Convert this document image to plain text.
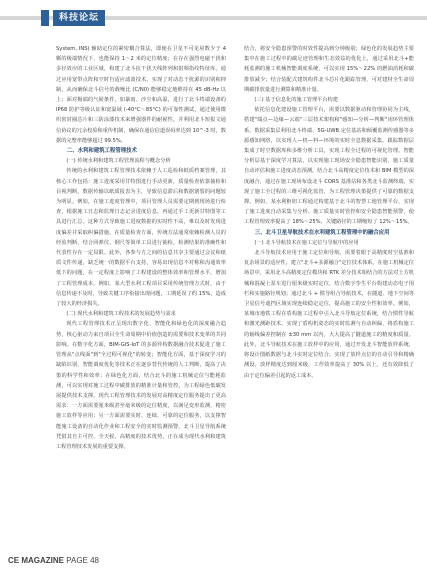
科技论坛

System, INS) 辅助定位的紧密耦合算法，即使在卫星不可见屋数少于 4 颗的极端情况下，也能保持 1～2 米的定位精度；在存在强烈电磁干扰和多径效应的工业区域，构建了北斗抗干扰天线阵列和射频指纹特征库。通过应用宽带点阵和空时自适应滤波技术，实现了对动态干扰源的识别和抑制，从而确保北斗信号的载噪比 (C/N0) 能够稳定地维持在 45 dB-Hz 以上；面对极端的气候条件，如暴雨、沙尘和高温，进行了北斗终端设备的 IP68 防护等级认证和宽温域 (-40°C～85°C) 的可靠性测试，通过使用微织密封圈芯片和三防涂漆技术来增强器件的耐候性，并利用北斗短报文通信协议的冗余校验和重传机制，确保在通信信道误码率达到 10^-3 时，数据的完整率能够超过 99.5%。

二、水利和建筑工程管理技术

(一) 传统水利和建筑工程管理流程与概念分析

传统的水利和建筑工程管理技术依赖于人工巡检和纸质档案管理，其核心工作包括：施工进度采用甘特图进行手动更新，质量检查依靠抽检和目视判断，数据传输以纸质报表为主，导致信息滞后和数据割裂的问题较为明显。例如，在施工进度管理中，项目管理人员需要定期到现场进行检查，根据施工日志和监理日志记录进度信息，再通过手工更新甘特图等工具进行汇总。这种方式导致施工进度数据的实时性不高，难以及时发现进度偏差并采取纠偏措施。在质量检查方面，传统方法通常依赖检测人员的经验判断，结合回弹仪、钢尺等简单工具进行抽检，检测结果的准确性和代表性存在一定局限。此外，各参与方之间的信息共享主要通过会议和纸质文件传递，缺乏统一的数据平台支持，容易出现信息不对称和沟通效率低下的问题，在一定程度上影响了工程建设的整体效率和管理水平，增加了工程管理成本。例如，某大型水利工程项目采用传统管理方式时，由于信息传递不及时，导致关键工序衔接出现问题，工期延误了约 15%，造成了较大的经济损失。

(二) 现代水利和建筑工程技术的发展趋势与需求

现代工程管理技术正呈现出数字化、智能化和绿色化的深度融合趋势，核心驱动力来自项目全生命周期中价值创造的需要和技术变革的共同影响。在数字化方面，BIM-GIS-IoT 的多源异构数据融合技术促进了施工管理从"点线面"到"全过程可视化"的转变；智能化方面，基于深度学习的缺陷识别、智能调度优化等技术正在逐步替代传统的人工判断，提高了决策的科学性和效率；在绿色化方面，结合北斗的施工机械定位与能耗监测，可以实现对施工过程中碳排放的精准计量和管控，为工程绿色低碳发展提供技术支撑。现代工程管理技术的发展对高精度定位服务提出了更高需求：一方面需要厘米级甚至毫米级的定位精度，以满足变形监测、精密施工放样等应用；另一方面需要实时、连续、可靠的定位服务，以支撑智能施工设备的自动化作业和工程安全的实时监测预警。北斗卫星导航系统凭借其自主可控、全天候、高精度的技术优势，正在成为现代水利和建筑工程管理技术发展的重要支撑。

结合，将安全隐患预警的时效性提高到分钟级别；绿色化的发展趋势主要集中在施工过程中的碳足迹管理和生态效益的优化上，通过采用北斗+能耗监测的施工机械智能调度系统，可以实现 15%～22% 的燃油消耗和碳排放减少；结合装配式建筑构件北斗芯片化跟踪管理，可对建材全生命周期碳排放量进行测算和精准计量。

(三) 基于信息化的施工管理平台构建

依托信息化建设施工管理平台，需要以数据驱动和管理协同为主线，搭建"端点—边缘—云端"三层技术架构和"感知—分析—判断"闭环管理体系。数据采集层利用北斗终端、5G-UWB 定位基站和倾覆监测传感器等多源感知网络，以实现人—机—料—环境的实时全息数据采集。跟踪数据层集成了时空数据库和多维分析工具，实现工程全过程的可视化管理。智能分析层基于深度学习算法，以实现施工现场安全隐患智能识别、施工质量自动评估和施工进度动态预测。结合北斗高精度定位技术和 BIM 模型的深度融合，通过在施工现场布设北斗 CORS 基准站和各类北斗监测终端，实现了施工全过程的三维可视化监管，为工程管理决策提供了可靠的数据支撑。例如，某水利枢纽工程通过构建基于北斗的智慧工地管理平台，实现了施工进度自动采集与分析、施工质量实时管控和安全隐患智能预警，使工程管理效率提高了 18%～25%，关键路径的工期缩短了 12%～15%。

三、北斗卫星导航技术在水利建筑工程管理中的融合应用

(一) 北斗导航技术在施工定位与导航中的应用

北斗导航技术应用于施工定位和导航，需要着眼于高精度时空基准和复杂场景的适应性，建立"北斗+多源融合"定位技术体系。在施工机械定位场景中，采用北斗高精度定位模块和 RTK 差分技术相结合的方法对土方机械和混凝土泵车进行厘米级实时定位，结合数字孪生平台构建动态电子围栏和实施路径规划；通过北斗 + 惯导组合导航技术，在隧道、地下空间等卫星信号遮挡区域实现连续稳定定位，提高施工的安全性和效率。例如，某城市地铁工程在盾构施工过程中引入北斗导航定位系统，结合惯性导航和激光测距技术，实现了盾构机姿态的实时监测与自动纠偏，将盾构施工的轴线偏差控制在 ±30 mm 以内，大大提高了隧道施工的精度和质量。此外，北斗导航技术在施工放样中的应用，通过开发北斗智能放样系统，将设计图纸数据与北斗实时定位结合，实现了放样点位的自动引导和精确测设，放样精度达到厘米级，工作效率提高了 30% 以上，还有效降低了由于定位偏差引起的返工成本。

CE MAGAZINE PAGE 48
